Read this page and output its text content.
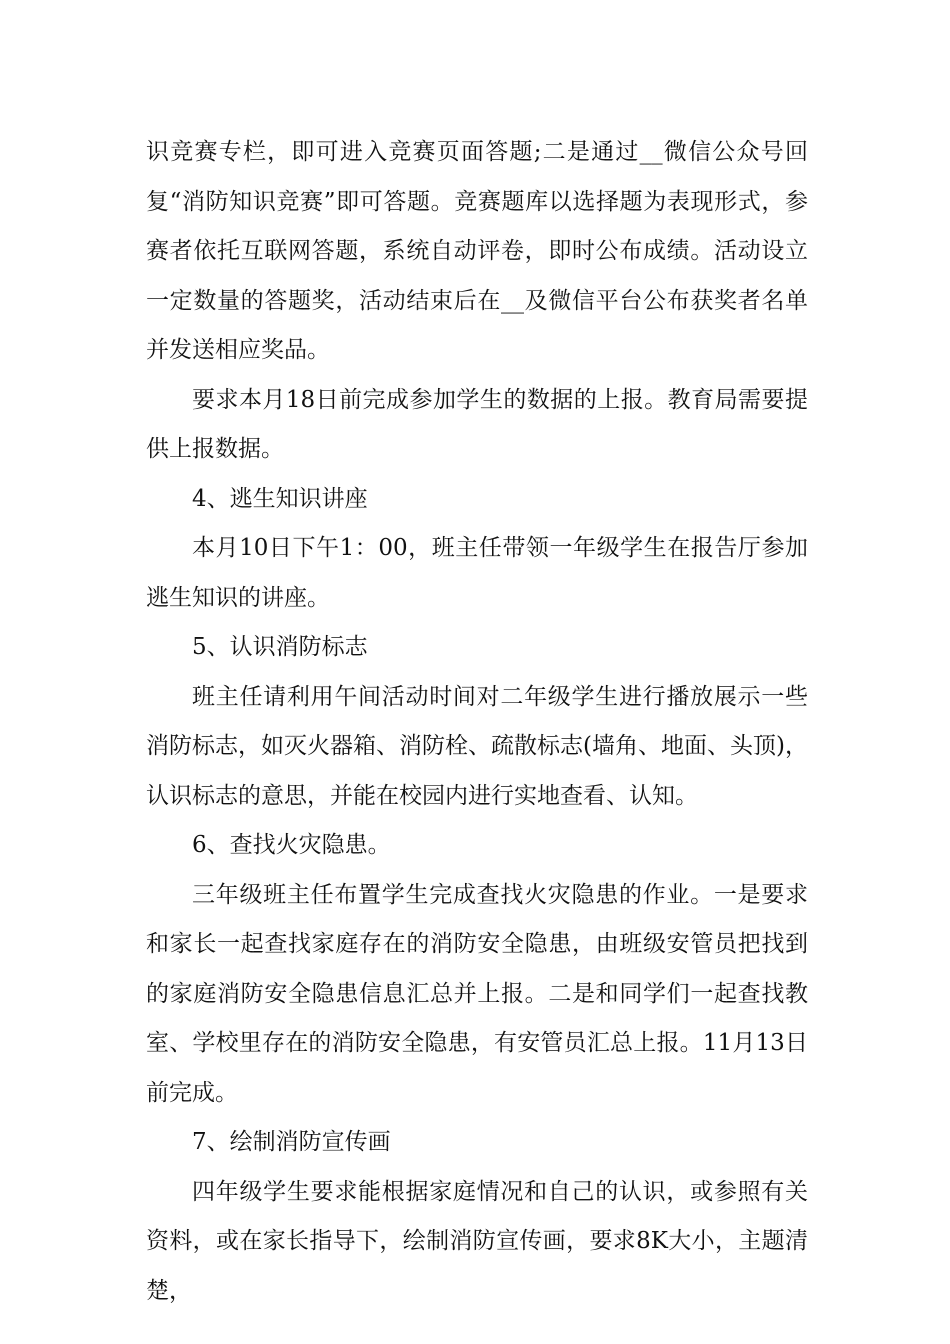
识竞赛专栏，即可进入竞赛页面答题;二是通过__微信公众号回复“消防知识竞赛”即可答题。竞赛题库以选择题为表现形式，参赛者依托互联网答题，系统自动评卷，即时公布成绩。活动设立一定数量的答题奖，活动结束后在__及微信平台公布获奖者名单并发送相应奖品。

要求本月18日前完成参加学生的数据的上报。教育局需要提供上报数据。

4、逃生知识讲座

本月10日下午1：00，班主任带领一年级学生在报告厅参加逃生知识的讲座。

5、认识消防标志

班主任请利用午间活动时间对二年级学生进行播放展示一些消防标志，如灭火器箱、消防栓、疏散标志(墙角、地面、头顶)，认识标志的意思，并能在校园内进行实地查看、认知。

6、查找火灾隐患。

三年级班主任布置学生完成查找火灾隐患的作业。一是要求和家长一起查找家庭存在的消防安全隐患，由班级安管员把找到的家庭消防安全隐患信息汇总并上报。二是和同学们一起查找教室、学校里存在的消防安全隐患，有安管员汇总上报。11月13日前完成。

7、绘制消防宣传画

四年级学生要求能根据家庭情况和自己的认识，或参照有关资料，或在家长指导下，绘制消防宣传画，要求8K大小，主题清楚，
